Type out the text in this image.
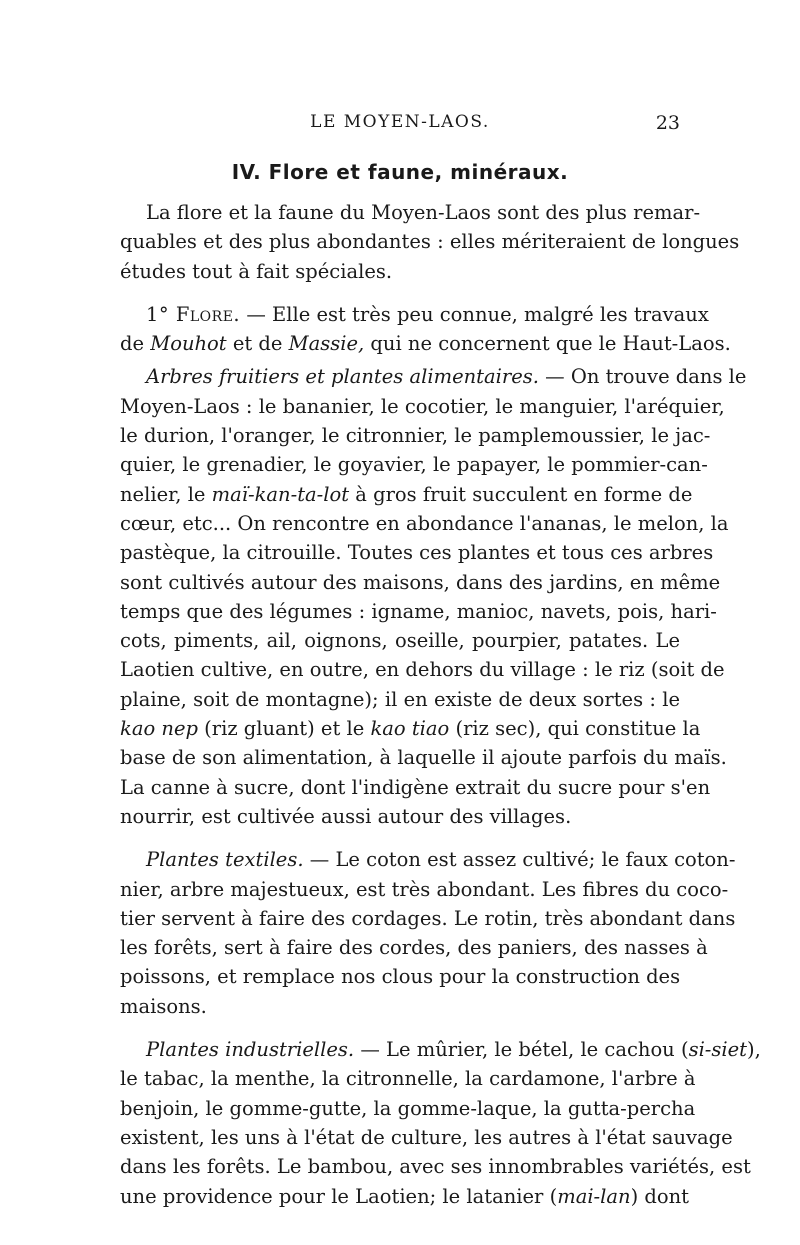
LE MOYEN-LAOS.	23
IV. Flore et faune, minéraux.
La flore et la faune du Moyen-Laos sont des plus remar-
quables et des plus abondantes : elles mériteraient de longues
études tout à fait spéciales.
1° Flore. — Elle est très peu connue, malgré les travaux
de Mouhot et de Massie, qui ne concernent que le Haut-Laos.
Arbres fruitiers et plantes alimentaires. — On trouve dans le
Moyen-Laos : le bananier, le cocotier, le manguier, l'aréquier,
le durion, l'oranger, le citronnier, le pamplemoussier, le jac-
quier, le grenadier, le goyavier, le papayer, le pommier-can-
nelier, le maï-kan-ta-lot à gros fruit succulent en forme de
cœur, etc... On rencontre en abondance l'ananas, le melon, la
pastèque, la citrouille. Toutes ces plantes et tous ces arbres
sont cultivés autour des maisons, dans des jardins, en même
temps que des légumes : igname, manioc, navets, pois, hari-
cots, piments, ail, oignons, oseille, pourpier, patates. Le
Laotien cultive, en outre, en dehors du village : le riz (soit de
plaine, soit de montagne); il en existe de deux sortes : le
kao nep (riz gluant) et le kao tiao (riz sec), qui constitue la
base de son alimentation, à laquelle il ajoute parfois du maïs.
La canne à sucre, dont l'indigène extrait du sucre pour s'en
nourrir, est cultivée aussi autour des villages.
Plantes textiles. — Le coton est assez cultivé; le faux coton-
nier, arbre majestueux, est très abondant. Les fibres du coco-
tier servent à faire des cordages. Le rotin, très abondant dans
les forêts, sert à faire des cordes, des paniers, des nasses à
poissons, et remplace nos clous pour la construction des
maisons.
Plantes industrielles. — Le mûrier, le bétel, le cachou (si-siet),
le tabac, la menthe, la citronnelle, la cardamone, l'arbre à
benjoin, le gomme-gutte, la gomme-laque, la gutta-percha
existent, les uns à l'état de culture, les autres à l'état sauvage
dans les forêts. Le bambou, avec ses innombrables variétés, est
une providence pour le Laotien; le latanier (mai-lan) dont
